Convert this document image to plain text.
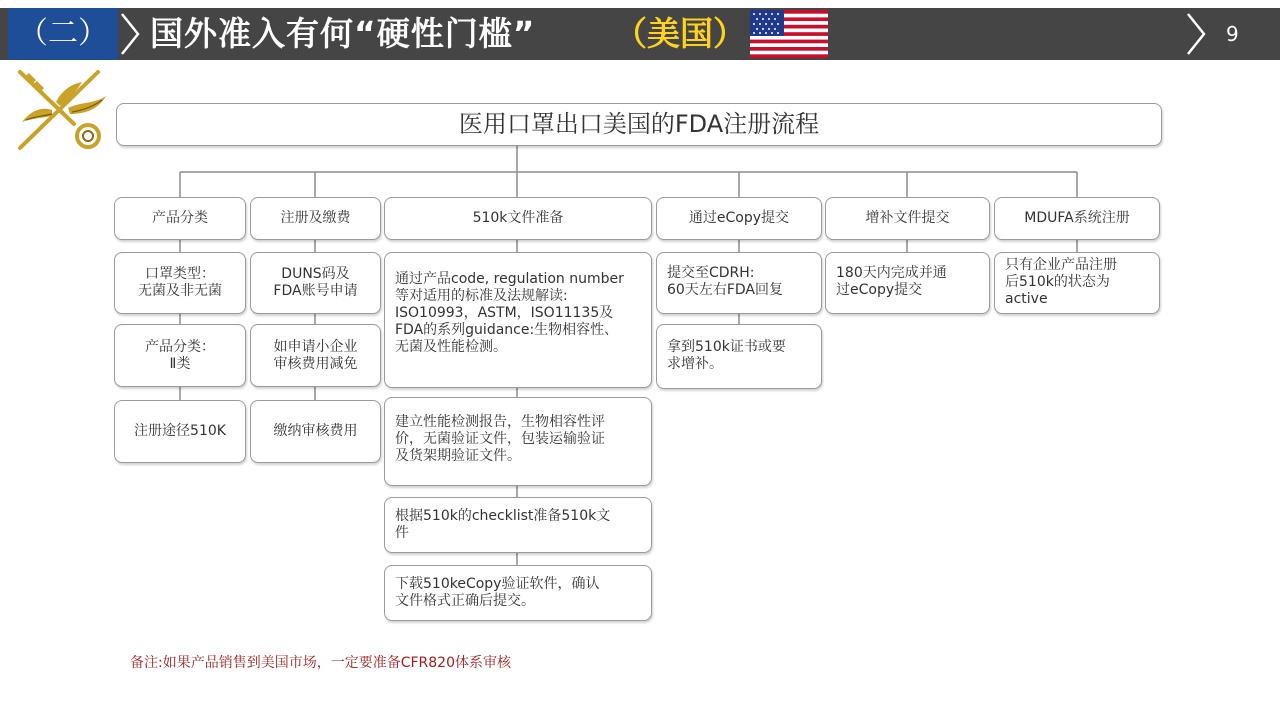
（二） 国外准入有何“硬性门槛” （美国）	9
医用口罩出口美国的FDA注册流程
产品分类
口罩类型：
无菌及非无菌
产品分类：
Ⅱ类
注册途径510K
注册及缴费
DUNS码及
FDA账号申请
如申请小企业
审核费用减免
缴纳审核费用
510k文件准备
通过产品code, regulation number
等对适用的标准及法规解读:
ISO10993，ASTM，ISO11135及
FDA的系列guidance:生物相容性、
无菌及性能检测。
建立性能检测报告，生物相容性评
价，无菌验证文件，包装运输验证
及货架期验证文件。
根据510k的checklist准备510k文
件
下载510keCopy验证软件，确认
文件格式正确后提交。
通过eCopy提交
提交至CDRH:
60天左右FDA回复
拿到510k证书或要
求增补。
增补文件提交
180天内完成并通
过eCopy提交
MDUFA系统注册
只有企业产品注册
后510k的状态为
active
备注:如果产品销售到美国市场，一定要准备CFR820体系审核
